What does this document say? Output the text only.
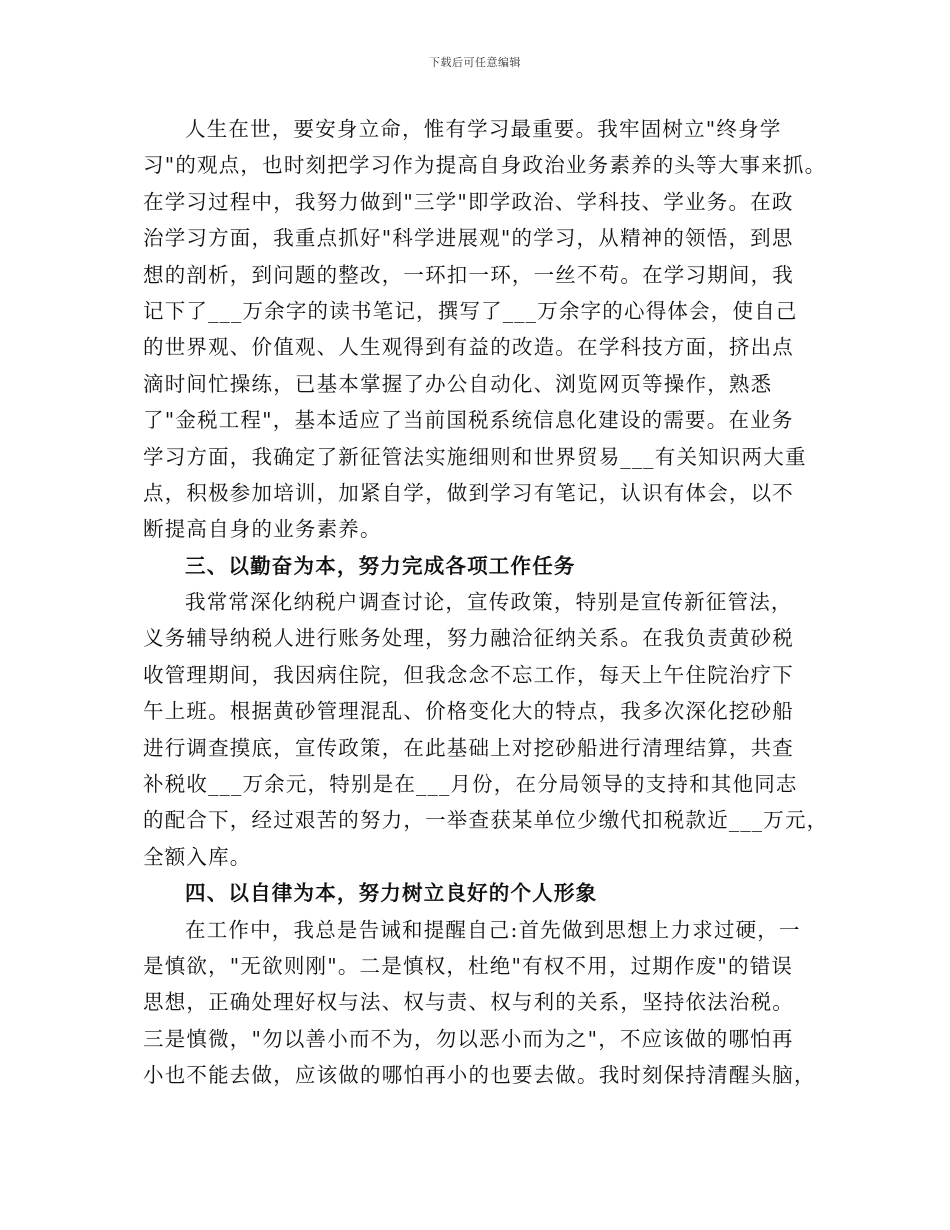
下载后可任意编辑
人生在世，要安身立命，惟有学习最重要。我牢固树立"终身学
习"的观点，也时刻把学习作为提高自身政治业务素养的头等大事来抓。
在学习过程中，我努力做到"三学"即学政治、学科技、学业务。在政
治学习方面，我重点抓好"科学进展观"的学习，从精神的领悟，到思
想的剖析，到问题的整改，一环扣一环，一丝不苟。在学习期间，我
记下了___万余字的读书笔记，撰写了___万余字的心得体会，使自己
的世界观、价值观、人生观得到有益的改造。在学科技方面，挤出点
滴时间忙操练，已基本掌握了办公自动化、浏览网页等操作，熟悉
了"金税工程"，基本适应了当前国税系统信息化建设的需要。在业务
学习方面，我确定了新征管法实施细则和世界贸易___有关知识两大重
点，积极参加培训，加紧自学，做到学习有笔记，认识有体会，以不
断提高自身的业务素养。
三、以勤奋为本，努力完成各项工作任务
我常常深化纳税户调查讨论，宣传政策，特别是宣传新征管法，
义务辅导纳税人进行账务处理，努力融洽征纳关系。在我负责黄砂税
收管理期间，我因病住院，但我念念不忘工作，每天上午住院治疗下
午上班。根据黄砂管理混乱、价格变化大的特点，我多次深化挖砂船
进行调查摸底，宣传政策，在此基础上对挖砂船进行清理结算，共查
补税收___万余元，特别是在___月份，在分局领导的支持和其他同志
的配合下，经过艰苦的努力，一举查获某单位少缴代扣税款近___万元，
全额入库。
四、以自律为本，努力树立良好的个人形象
在工作中，我总是告诫和提醒自己:首先做到思想上力求过硬，一
是慎欲，"无欲则刚"。二是慎权，杜绝"有权不用，过期作废"的错误
思想，正确处理好权与法、权与责、权与利的关系，坚持依法治税。
三是慎微，"勿以善小而不为，勿以恶小而为之"，不应该做的哪怕再
小也不能去做，应该做的哪怕再小的也要去做。我时刻保持清醒头脑，
